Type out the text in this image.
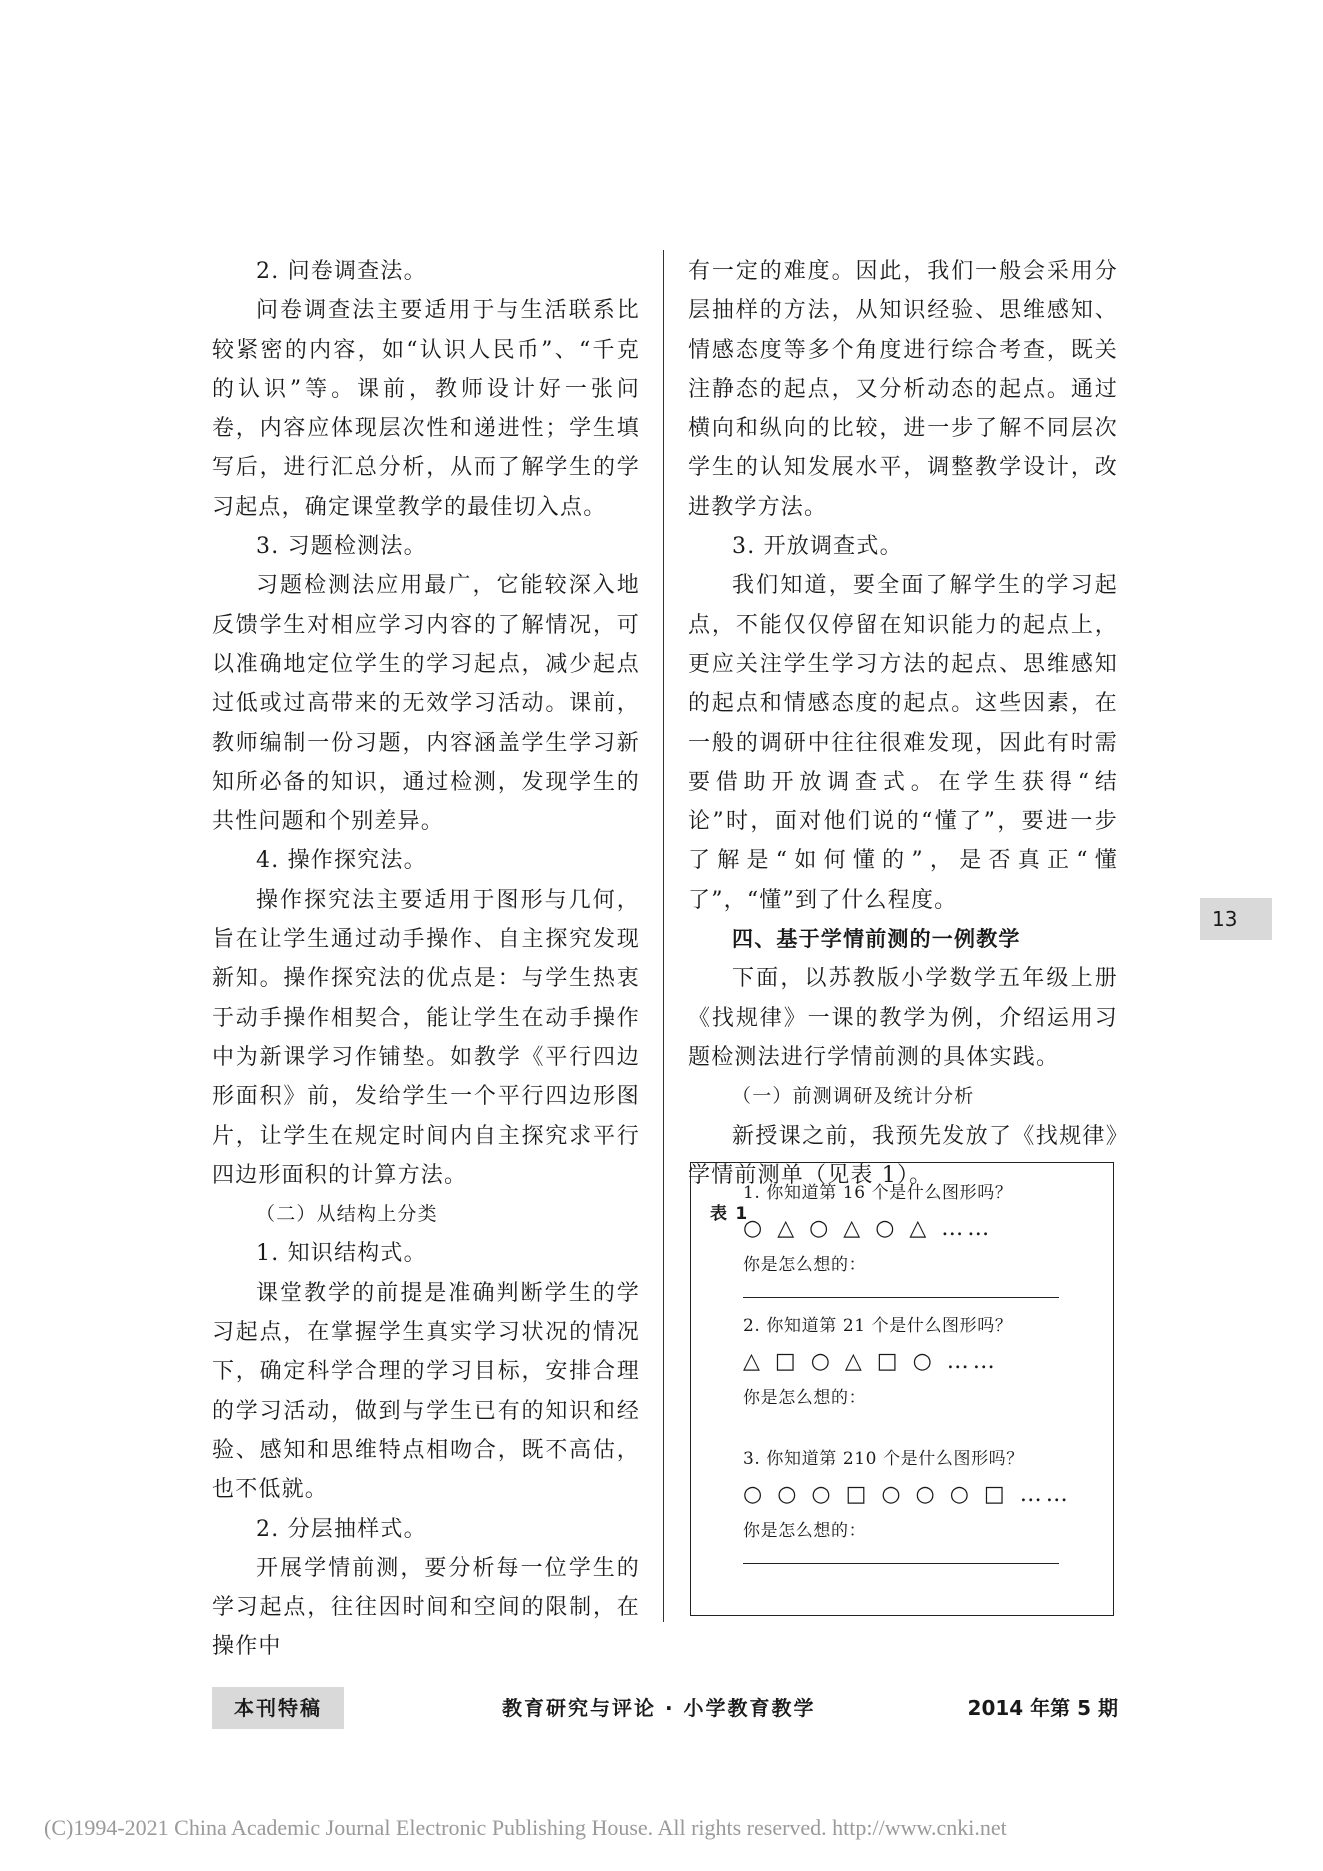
2. 问卷调查法。

问卷调查法主要适用于与生活联系比较紧密的内容，如“认识人民币”、“千克的认识”等。课前，教师设计好一张问卷，内容应体现层次性和递进性；学生填写后，进行汇总分析，从而了解学生的学习起点，确定课堂教学的最佳切入点。

3. 习题检测法。

习题检测法应用最广，它能较深入地反馈学生对相应学习内容的了解情况，可以准确地定位学生的学习起点，减少起点过低或过高带来的无效学习活动。课前，教师编制一份习题，内容涵盖学生学习新知所必备的知识，通过检测，发现学生的共性问题和个别差异。

4. 操作探究法。

操作探究法主要适用于图形与几何，旨在让学生通过动手操作、自主探究发现新知。操作探究法的优点是：与学生热衷于动手操作相契合，能让学生在动手操作中为新课学习作铺垫。如教学《平行四边形面积》前，发给学生一个平行四边形图片，让学生在规定时间内自主探究求平行四边形面积的计算方法。

（二）从结构上分类

1. 知识结构式。

课堂教学的前提是准确判断学生的学习起点，在掌握学生真实学习状况的情况下，确定科学合理的学习目标，安排合理的学习活动，做到与学生已有的知识和经验、感知和思维特点相吻合，既不高估，也不低就。

2. 分层抽样式。

开展学情前测，要分析每一位学生的学习起点，往往因时间和空间的限制，在操作中

有一定的难度。因此，我们一般会采用分层抽样的方法，从知识经验、思维感知、情感态度等多个角度进行综合考查，既关注静态的起点，又分析动态的起点。通过横向和纵向的比较，进一步了解不同层次学生的认知发展水平，调整教学设计，改进教学方法。

3. 开放调查式。

我们知道，要全面了解学生的学习起点，不能仅仅停留在知识能力的起点上，更应关注学生学习方法的起点、思维感知的起点和情感态度的起点。这些因素，在一般的调研中往往很难发现，因此有时需要借助开放调查式。在学生获得“结论”时，面对他们说的“懂了”，要进一步了解是“如何懂的”，是否真正“懂了”，“懂”到了什么程度。

四、基于学情前测的一例教学

下面，以苏教版小学数学五年级上册《找规律》一课的教学为例，介绍运用习题检测法进行学情前测的具体实践。

（一）前测调研及统计分析

新授课之前，我预先发放了《找规律》学情前测单（见表 1）。

表 1
1. 你知道第 16 个是什么图形吗？
○ △ ○ △ ○ △ ……
你是怎么想的：
2. 你知道第 21 个是什么图形吗？
△ □ ○ △ □ ○ ……
你是怎么想的：
3. 你知道第 210 个是什么图形吗？
○ ○ ○ □ ○ ○ ○ □ ……
你是怎么想的：
13
本刊特稿	教育研究与评论 · 小学教育教学	2014 年第 5 期
(C)1994-2021 China Academic Journal Electronic Publishing House. All rights reserved. http://www.cnki.net
